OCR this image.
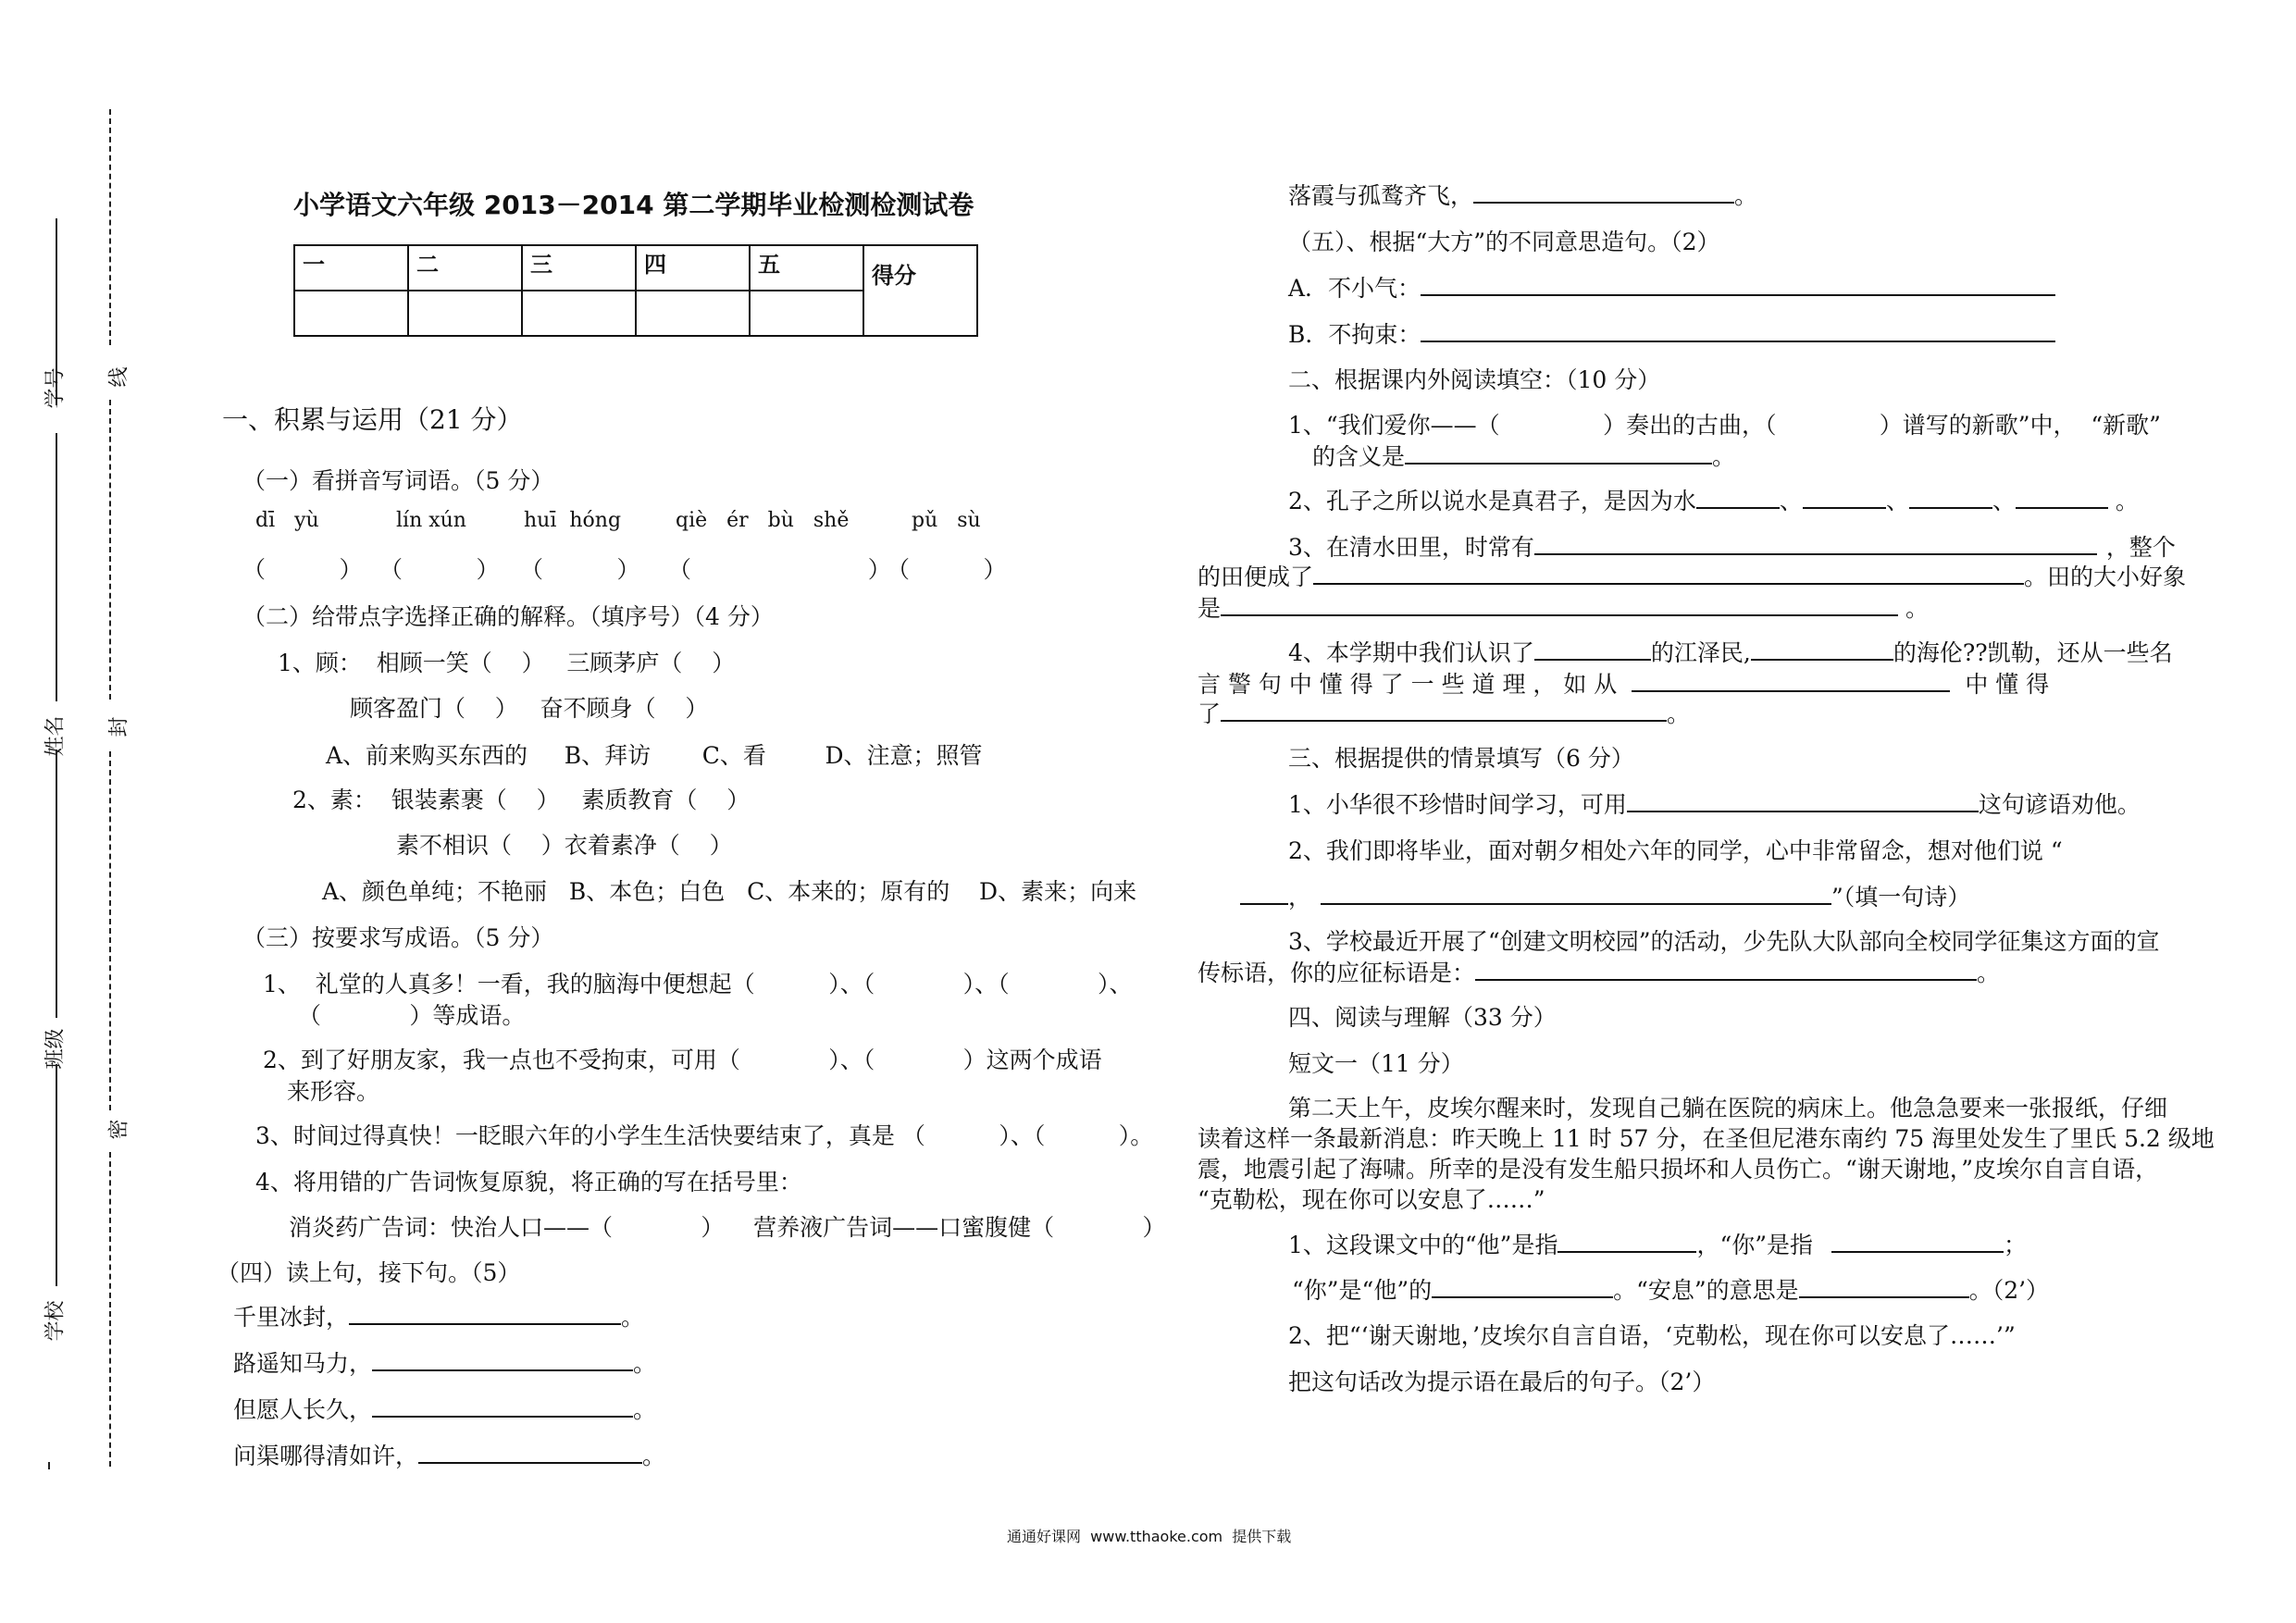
学号
姓名
班级
学校
线
封
密
小学语文六年级 2013－2014 第二学期毕业检测检测试卷
一	二	三	四	五	得分

一、积累与运用（21 分）
（一）看拼音写词语。（5 分）
dī   yù	lín xún	huī  hóng	qiè   ér   bù   shě	pǔ   sù
（          ） （          ） （          ） （                        ）
（          ）
（二）给带点字选择正确的解释。（填序号）（4 分）
1、顾：  相顾一笑（    ）   三顾茅庐（    ）
顾客盈门（    ）   奋不顾身（    ）
A、前来购买东西的     B、拜访       C、看        D、注意；照管
2、素：  银装素裹（    ）   素质教育（    ）
素不相识（    ）衣着素净（    ）
A、颜色单纯；不艳丽   B、本色；白色   C、本来的；原有的    D、素来；向来
（三）按要求写成语。（5 分）
1、  礼堂的人真多！一看，我的脑海中便想起（          ）、（            ）、（            ）、
（            ）等成语。
2、到了好朋友家，我一点也不受拘束，可用（            ）、（            ）这两个成语
来形容。
3、时间过得真快！一眨眼六年的小学生生活快要结束了，真是 （          ）、（          ）。
4、将用错的广告词恢复原貌，将正确的写在括号里：
消炎药广告词：快治人口——（            ）    营养液广告词——口蜜腹健（            ）
（四）读上句，接下句。（5）
千里冰封，	。
路遥知马力，	。
但愿人长久，	。
问渠哪得清如许，	。
落霞与孤鹜齐飞，	。
（五）、根据“大方”的不同意思造句。（2）
A．不小气：
B．不拘束：
二、根据课内外阅读填空：（10 分）
1、“我们爱你——（              ）奏出的古曲，（              ）谱写的新歌”中，  “新歌”
的含义是	。
2、孔子之所以说水是真君子，是因为水	、	、	、	。
3、在清水田里，时常有	，整个
的田便成了	。田的大小好象
是	。
4、本学期中我们认识了	的江泽民,	的海伦??凯勒，还从一些名
言 警 句 中 懂 得 了 一 些 道 理 ， 如 从	中 懂 得
了	。
三、根据提供的情景填写（6 分）
1、小华很不珍惜时间学习，可用	这句谚语劝他。
2、我们即将毕业，面对朝夕相处六年的同学，心中非常留念，想对他们说 “
，	”（填一句诗）
3、学校最近开展了“创建文明校园”的活动，少先队大队部向全校同学征集这方面的宣
传标语，你的应征标语是：	。
四、阅读与理解（33 分）
短文一（11 分）
第二天上午，皮埃尔醒来时，发现自己躺在医院的病床上。他急急要来一张报纸，仔细
读着这样一条最新消息：昨天晚上 11 时 57 分，在圣但尼港东南约 75 海里处发生了里氏 5.2 级地
震，地震引起了海啸。所幸的是没有发生船只损坏和人员伤亡。“谢天谢地，”皮埃尔自言自语，
“克勒松，现在你可以安息了……”
1、这段课文中的“他”是指	，“你”是指	；
“你”是“他”的	。“安息”的意思是	。（2’）
2、把“‘谢天谢地，’皮埃尔自言自语，‘克勒松，现在你可以安息了……’”
把这句话改为提示语在最后的句子。（2’）
通通好课网  www.tthaoke.com  提供下载
